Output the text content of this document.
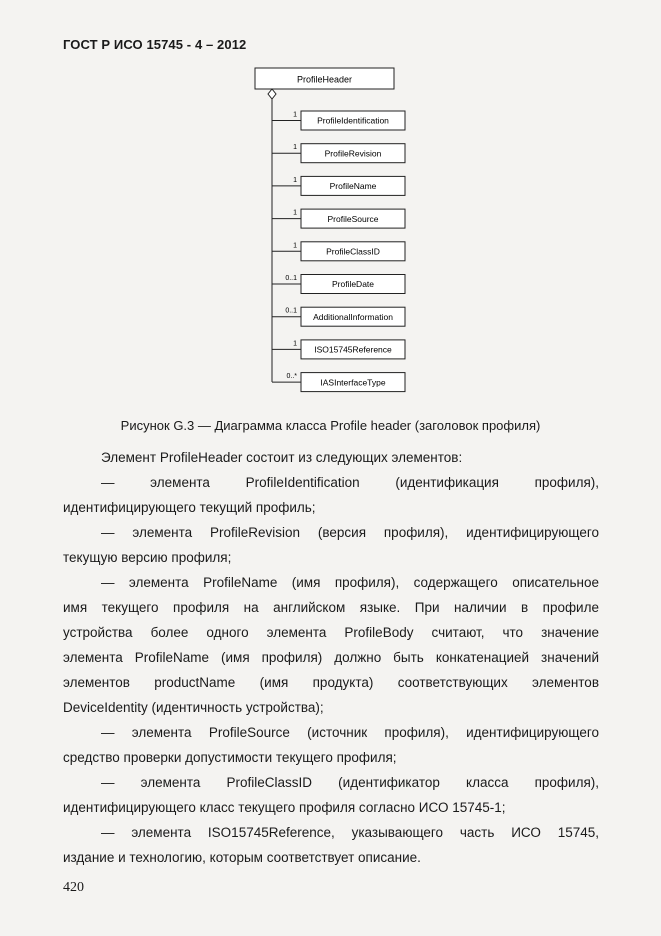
ГОСТ Р ИСО 15745 - 4 – 2012
ProfileHeader
1
ProfileIdentification
1
ProfileRevision
1
ProfileName
1
ProfileSource
1
ProfileClassID
0..1
ProfileDate
0..1
AdditionalInformation
1
ISO15745Reference
0..*
IASInterfaceType
Рисунок G.3 — Диаграмма класса Profile header (заголовок профиля)
Элемент ProfileHeader состоит из следующих элементов:
— элемента ProfileIdentification (идентификация профиля),
идентифицирующего текущий профиль;
— элемента ProfileRevision (версия профиля), идентифицирующего
текущую версию профиля;
— элемента ProfileName (имя профиля), содержащего описательное
имя текущего профиля на английском языке. При наличии в профиле
устройства более одного элемента ProfileBody считают, что значение
элемента ProfileName (имя профиля) должно быть конкатенацией значений
элементов productName (имя продукта) соответствующих элементов
DeviceIdentity (идентичность устройства);
— элемента ProfileSource (источник профиля), идентифицирующего
средство проверки допустимости текущего профиля;
— элемента ProfileClassID (идентификатор класса профиля),
идентифицирующего класс текущего профиля согласно ИСО 15745-1;
— элемента ISO15745Reference, указывающего часть ИСО 15745,
издание и технологию, которым соответствует описание.
420
